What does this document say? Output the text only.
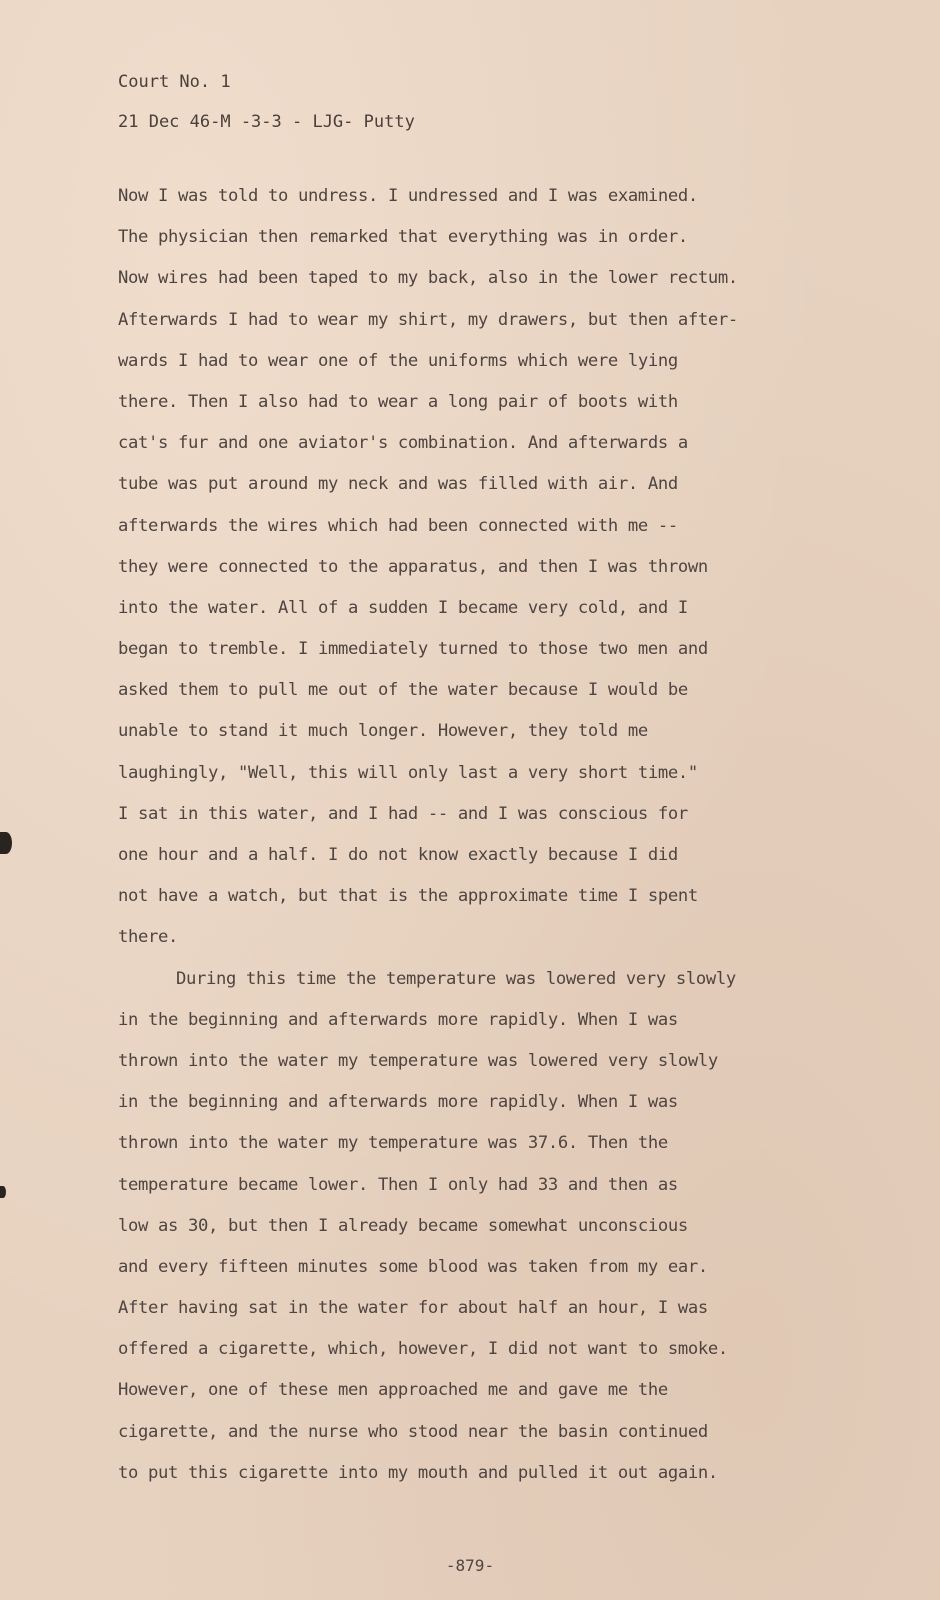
Court No. 1
21 Dec 46-M -3-3 - LJG- Putty
Now I was told to undress. I undressed and I was examined.
The physician then remarked that everything was in order.
Now wires had been taped to my back, also in the lower rectum.
Afterwards I had to wear my shirt, my drawers, but then after-
wards I had to wear one of the uniforms which were lying
there. Then I also had to wear a long pair of boots with
cat's fur and one aviator's combination. And afterwards a
tube was put around my neck and was filled with air. And
afterwards the wires which had been connected with me --
they were connected to the apparatus, and then I was thrown
into the water. All of a sudden I became very cold, and I
began to tremble. I immediately turned to those two men and
asked them to pull me out of the water because I would be
unable to stand it much longer. However, they told me
laughingly, "Well, this will only last a very short time."
I sat in this water, and I had -- and I was conscious for
one hour and a half. I do not know exactly because I did
not have a watch, but that is the approximate time I spent
there.
During this time the temperature was lowered very slowly
in the beginning and afterwards more rapidly. When I was
thrown into the water my temperature was lowered very slowly
in the beginning and afterwards more rapidly. When I was
thrown into the water my temperature was 37.6. Then the
temperature became lower. Then I only had 33 and then as
low as 30, but then I already became somewhat unconscious
and every fifteen minutes some blood was taken from my ear.
After having sat in the water for about half an hour, I was
offered a cigarette, which, however, I did not want to smoke.
However, one of these men approached me and gave me the
cigarette, and the nurse who stood near the basin continued
to put this cigarette into my mouth and pulled it out again.
-879-
